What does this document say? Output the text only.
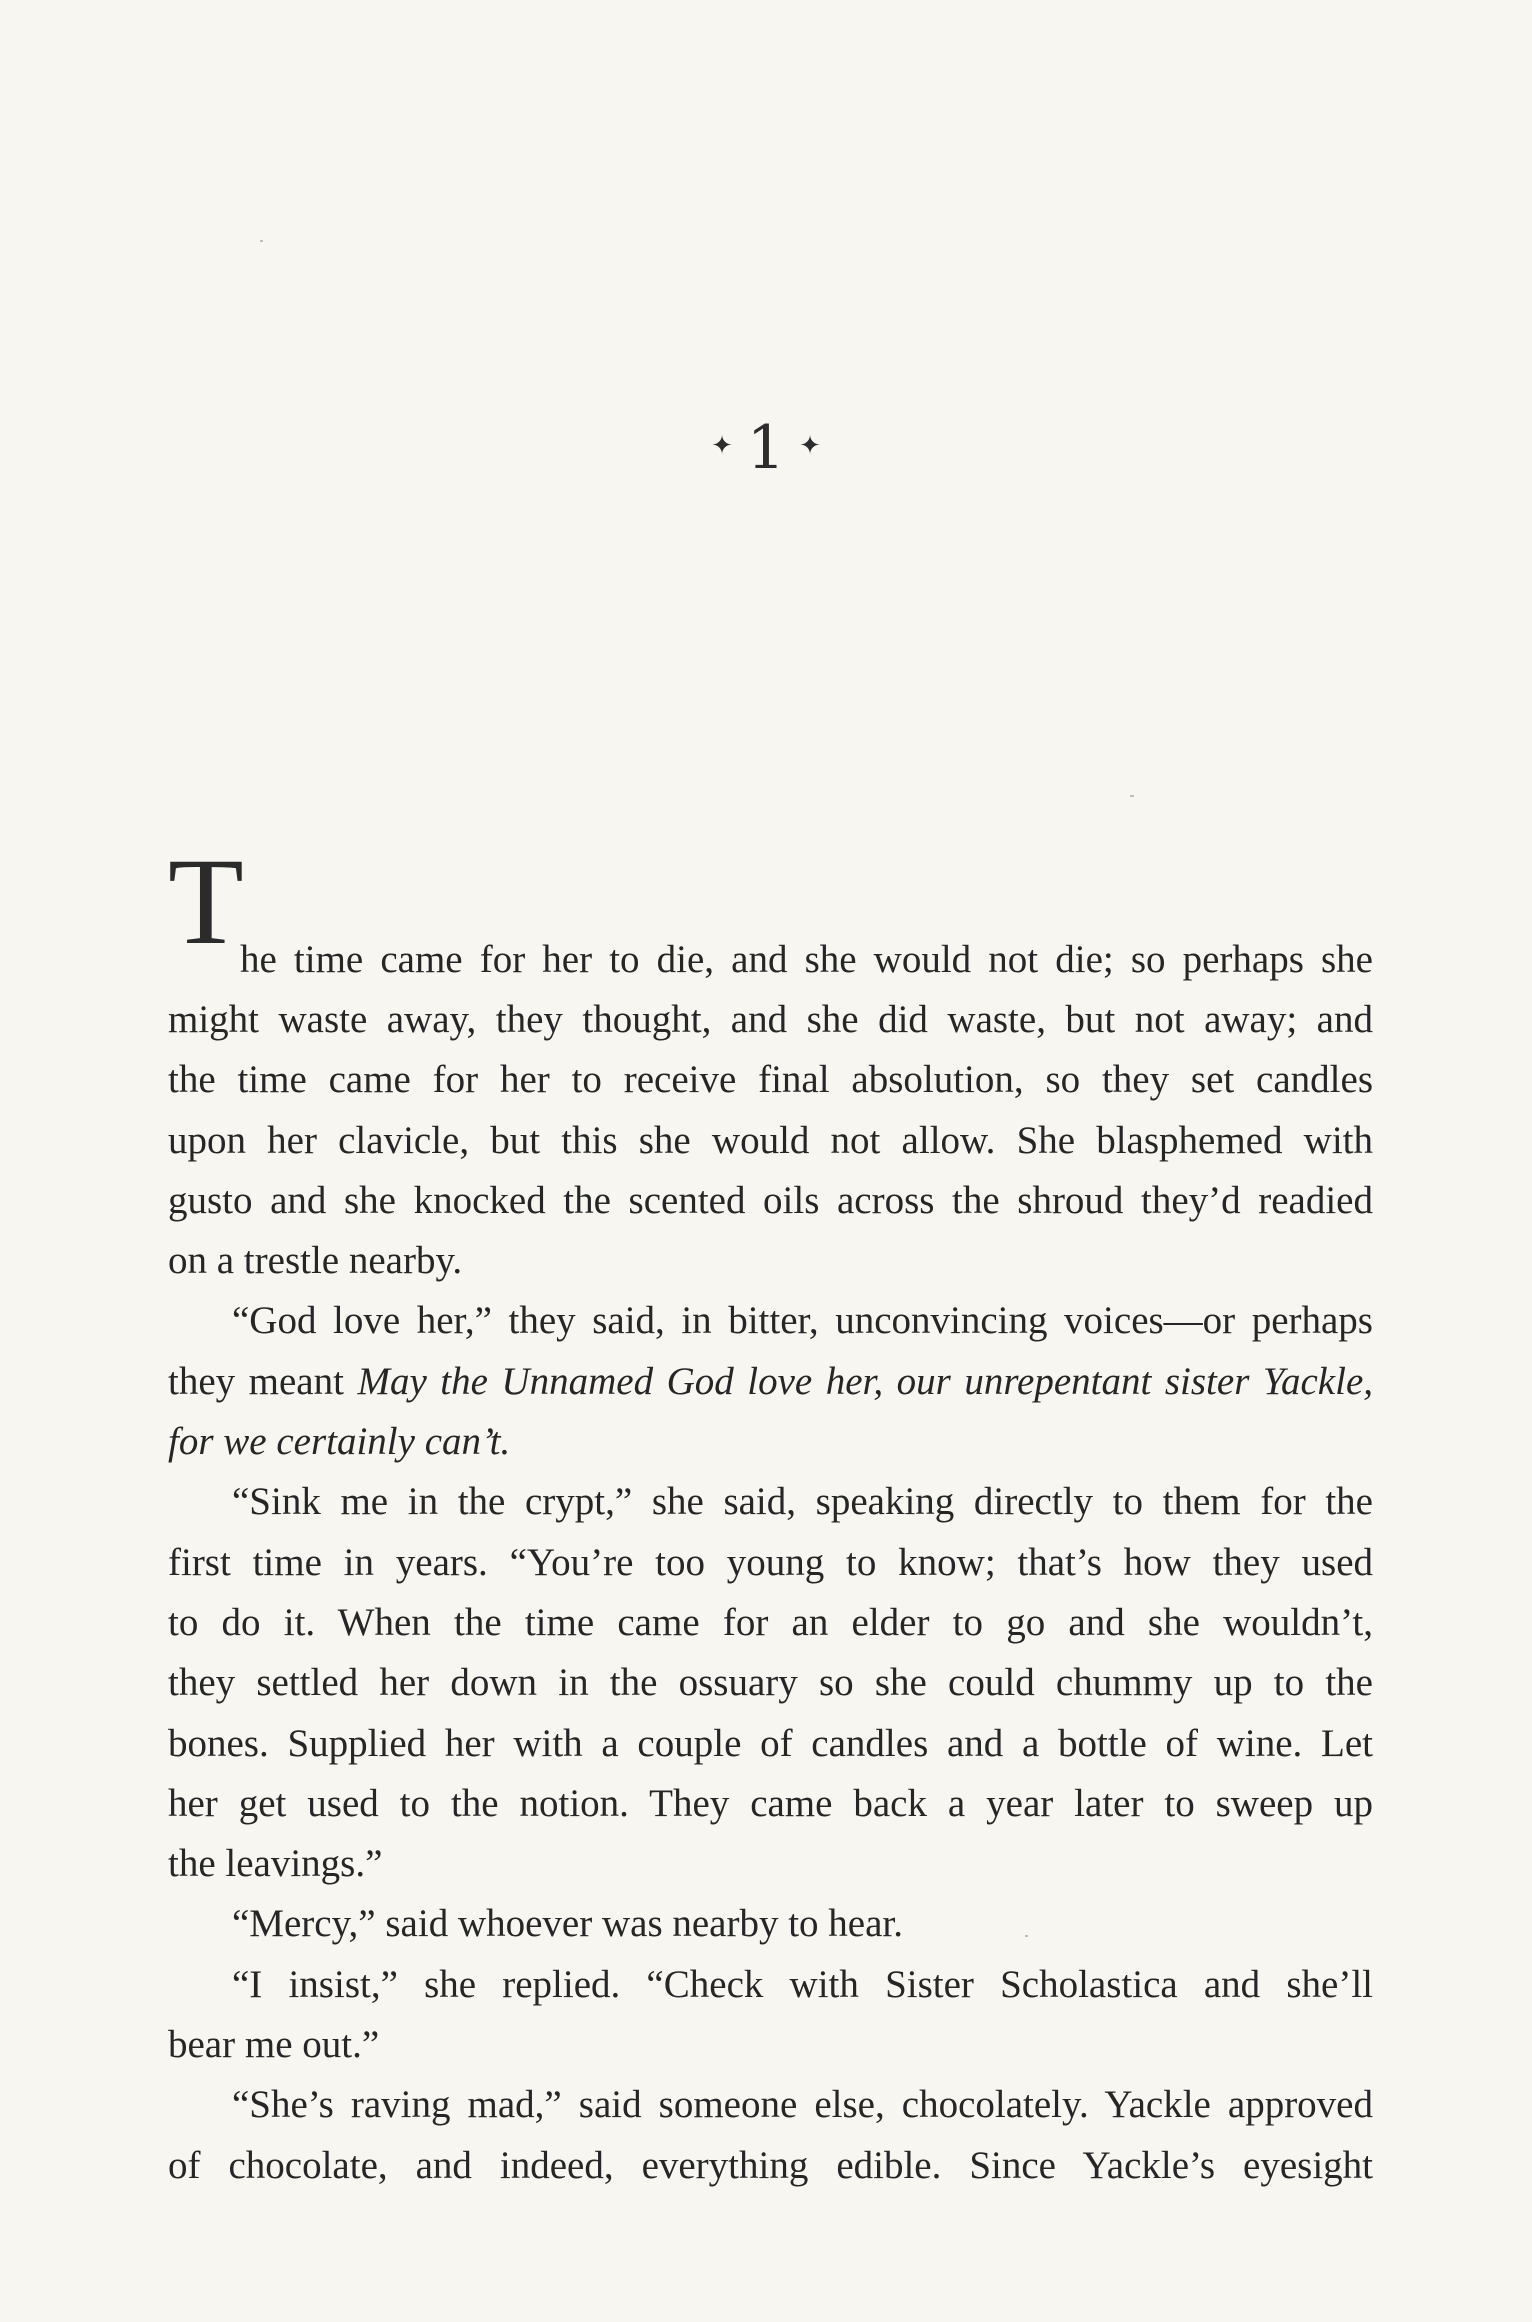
✦ 1 ✦
T
he time came for her to die, and she would not die; so perhaps she
might waste away, they thought, and she did waste, but not away; and
the time came for her to receive final absolution, so they set candles
upon her clavicle, but this she would not allow. She blasphemed with
gusto and she knocked the scented oils across the shroud they’d readied
on a trestle nearby.
“God love her,” they said, in bitter, unconvincing voices—or perhaps
they meant May the Unnamed God love her, our unrepentant sister Yackle,
for we certainly can’t.
“Sink me in the crypt,” she said, speaking directly to them for the
first time in years. “You’re too young to know; that’s how they used
to do it. When the time came for an elder to go and she wouldn’t,
they settled her down in the ossuary so she could chummy up to the
bones. Supplied her with a couple of candles and a bottle of wine. Let
her get used to the notion. They came back a year later to sweep up
the leavings.”
“Mercy,” said whoever was nearby to hear.
“I insist,” she replied. “Check with Sister Scholastica and she’ll
bear me out.”
“She’s raving mad,” said someone else, chocolately. Yackle approved
of chocolate, and indeed, everything edible. Since Yackle’s eyesight
